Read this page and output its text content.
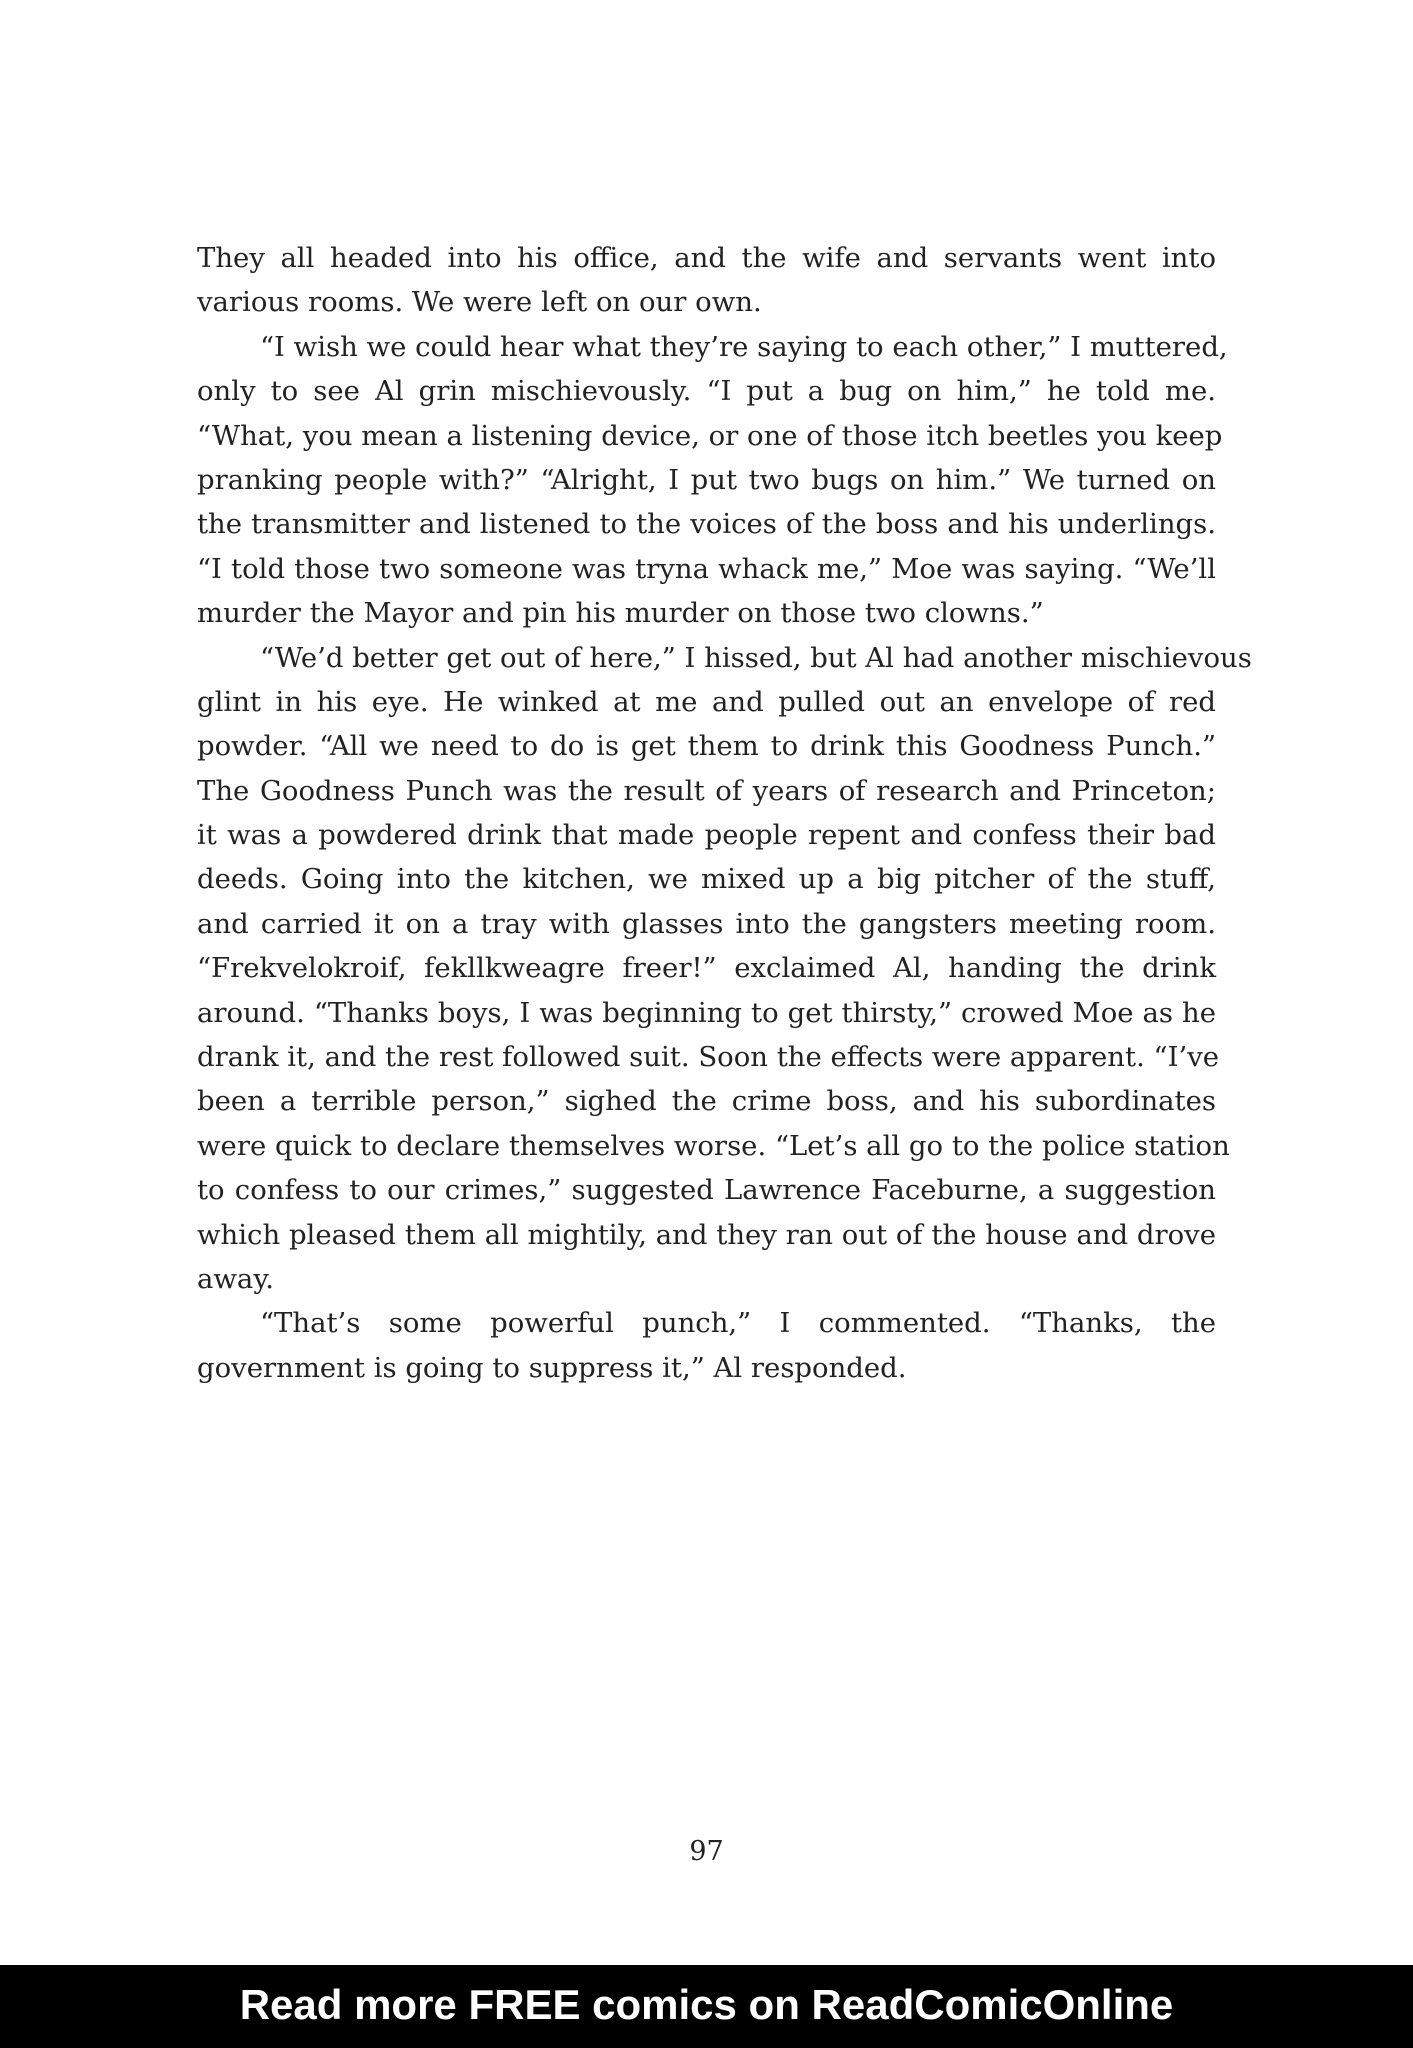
They all headed into his office, and the wife and servants went into
various rooms. We were left on our own.
“I wish we could hear what they’re saying to each other,” I muttered,
only to see Al grin mischievously. “I put a bug on him,” he told me.
“What, you mean a listening device, or one of those itch beetles you keep
pranking people with?” “Alright, I put two bugs on him.” We turned on
the transmitter and listened to the voices of the boss and his underlings.
“I told those two someone was tryna whack me,” Moe was saying. “We’ll
murder the Mayor and pin his murder on those two clowns.”
“We’d better get out of here,” I hissed, but Al had another mischievous
glint in his eye. He winked at me and pulled out an envelope of red
powder. “All we need to do is get them to drink this Goodness Punch.”
The Goodness Punch was the result of years of research and Princeton;
it was a powdered drink that made people repent and confess their bad
deeds. Going into the kitchen, we mixed up a big pitcher of the stuff,
and carried it on a tray with glasses into the gangsters meeting room.
“Frekvelokroif, fekllkweagre freer!” exclaimed Al, handing the drink
around. “Thanks boys, I was beginning to get thirsty,” crowed Moe as he
drank it, and the rest followed suit. Soon the effects were apparent. “I’ve
been a terrible person,” sighed the crime boss, and his subordinates
were quick to declare themselves worse. “Let’s all go to the police station
to confess to our crimes,” suggested Lawrence Faceburne, a suggestion
which pleased them all mightily, and they ran out of the house and drove
away.
“That’s some powerful punch,” I commented. “Thanks, the
government is going to suppress it,” Al responded.
97
Read more FREE comics on ReadComicOnline
